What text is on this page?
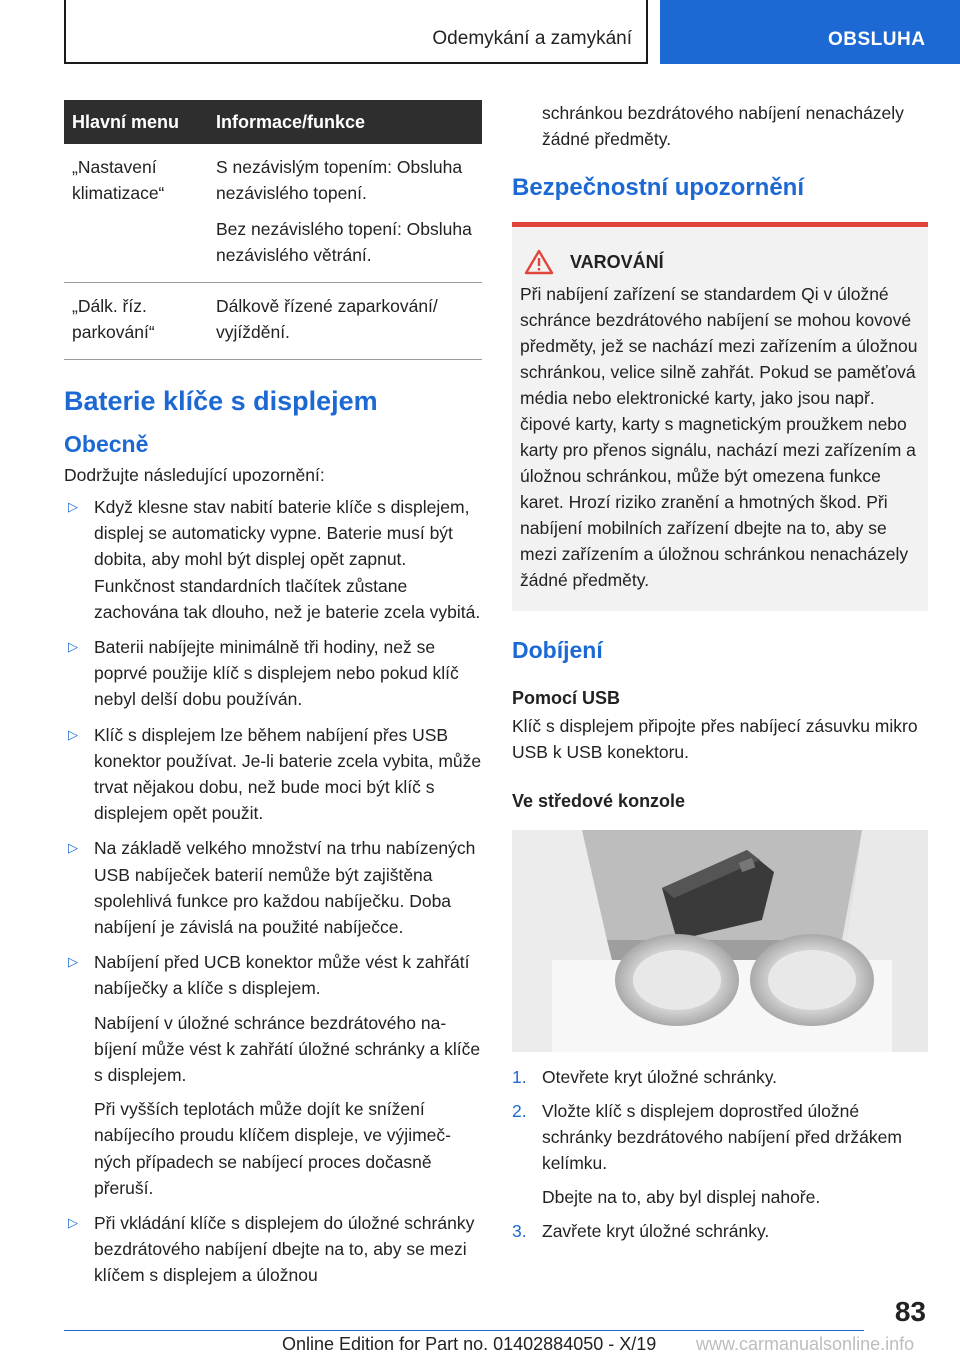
Odemykání a zamykání	OBSLUHA
Hlavní menu	Informace/funkce
„Nastavení klimatizace“	S nezávislým topením: Obsluha nezávislého topení.

Bez nezávislého topení: Obsluha nezávislého větrání.

„Dálk. říz. parkování“	Dálkově řízené zaparkování/ vyjíždění.

Baterie klíče s displejem
Obecně

Dodržujte následující upozornění:

▷ Když klesne stav nabití baterie klíče s displejem, displej se automaticky vypne. Baterie musí být dobita, aby mohl být displej opět zapnut. Funkčnost standardních tlačítek zůstane zachována tak dlouho, než je baterie zcela vybitá.

▷ Baterii nabíjejte minimálně tři hodiny, než se poprvé použije klíč s displejem nebo pokud klíč nebyl delší dobu používán.

▷ Klíč s displejem lze během nabíjení přes USB konektor používat. Je-li baterie zcela vybita, může trvat nějakou dobu, než bude moci být klíč s displejem opět použit.

▷ Na základě velkého množství na trhu nabízených USB nabíječek baterií nemůže být zajištěna spolehlivá funkce pro každou nabíječku. Doba nabíjení je závislá na použité nabíječce.

▷ Nabíjení před UCB konektor může vést k zahřátí nabíječky a klíče s displejem.

Nabíjení v úložné schránce bezdrátového nabíjení může vést k zahřátí úložné schránky a klíče s displejem.

Při vyšších teplotách může dojít ke snížení nabíjecího proudu klíčem displeje, ve výjimečných případech se nabíjecí proces dočasně přeruší.

▷ Při vkládání klíče s displejem do úložné schránky bezdrátového nabíjení dbejte na to, aby se mezi klíčem s displejem a úložnou

schránkou bezdrátového nabíjení nenacházely žádné předměty.

Bezpečnostní upozornění
VAROVÁNÍ

Při nabíjení zařízení se standardem Qi v úložné schránce bezdrátového nabíjení se mohou kovové předměty, jež se nachází mezi zařízením a úložnou schránkou, velice silně zahřát. Pokud se paměťová média nebo elektronické karty, jako jsou např. čipové karty, karty s magnetickým proužkem nebo karty pro přenos signálu, nachází mezi zařízením a úložnou schránkou, může být omezena funkce karet. Hrozí riziko zranění a hmotných škod. Při nabíjení mobilních zařízení dbejte na to, aby se mezi zařízením a úložnou schránkou nenacházely žádné předměty.

Dobíjení
Pomocí USB

Klíč s displejem připojte přes nabíjecí zásuvku mikro USB k USB konektoru.

Ve středové konzole
1. Otevřete kryt úložné schránky.

2. Vložte klíč s displejem doprostřed úložné schránky bezdrátového nabíjení před držákem kelímku.

Dbejte na to, aby byl displej nahoře.

3. Zavřete kryt úložné schránky.

83
Online Edition for Part no. 01402884050 - X/19 www.carmanualsonline.info
